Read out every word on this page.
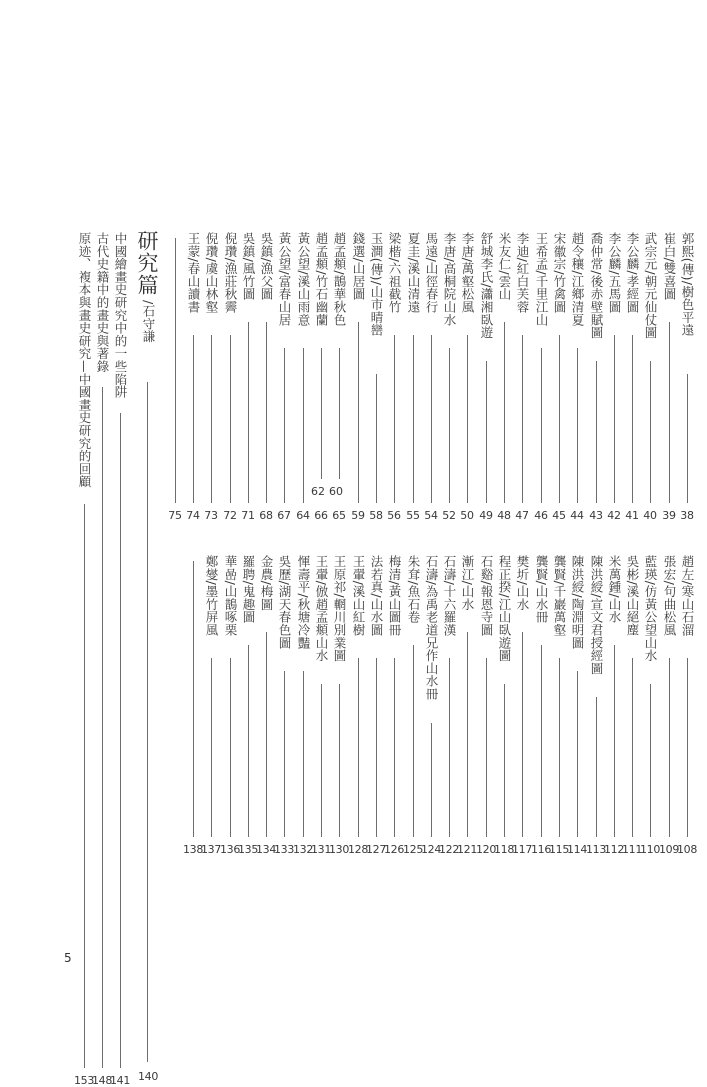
郭熙(傳)/樹色平遠
38
崔白/雙喜圖
39
武宗元/朝元仙仗圖
40
李公麟/孝經圖
41
李公麟/五馬圖
42
喬仲常/後赤壁賦圖
43
趙令穰/江鄉清夏
44
宋徽宗/竹禽圖
45
王希孟/千里江山
46
李迪/紅白芙蓉
47
米友仁/雲山
48
舒城李氏/瀟湘臥遊
49
李唐/萬壑松風
50
李唐/高桐院山水
52
馬遠/山徑春行
54
夏圭/溪山清遠
55
梁楷/六祖截竹
56
玉澗(傳)/山市晴巒
58
錢選/山居圖
59
趙孟頫/鵲華秋色
60
65
趙孟頫/竹石幽蘭
62
66
黃公望/溪山雨意
64
黃公望/富春山居
67
吳鎮/漁父圖
68
吳鎮/風竹圖
71
倪瓚/漁莊秋霽
72
倪瓚/虞山林壑
73
王蒙/春山讀書
74
75
趙左/寒山石溜
108
張宏/句曲松風
109
藍瑛/仿黃公望山水
110
吳彬/溪山絕塵
111
米萬鍾/山水
112
陳洪綬/宣文君授經圖
113
陳洪綬/陶淵明圖
114
龔賢/千巖萬壑
115
龔賢/山水冊
116
樊圻/山水
117
程正揆/江山臥遊圖
118
石谿/報恩寺圖
120
漸江/山水
121
石濤/十六羅漢
122
石濤/為禹老道兄作山水冊
124
朱耷/魚石卷
125
梅清/黃山圖冊
126
法若真/山水圖
127
王翬/溪山紅樹
128
王原祁/輞川別業圖
130
王翬/倣趙孟頫山水
131
惲壽平/秋塘冷豔
132
吳歷/湖天春色圖
133
金農/梅圖
134
羅聘/鬼趣圖
135
華喦/山鵲啄栗
136
鄭燮/墨竹屏風
137
138
研究篇
/石守謙
140
5
中國繪畫史研究中的一些陷阱
141
古代史籍中的畫史與著錄
148
原迹、複本與畫史研究—中國畫史研究的回顧
153
